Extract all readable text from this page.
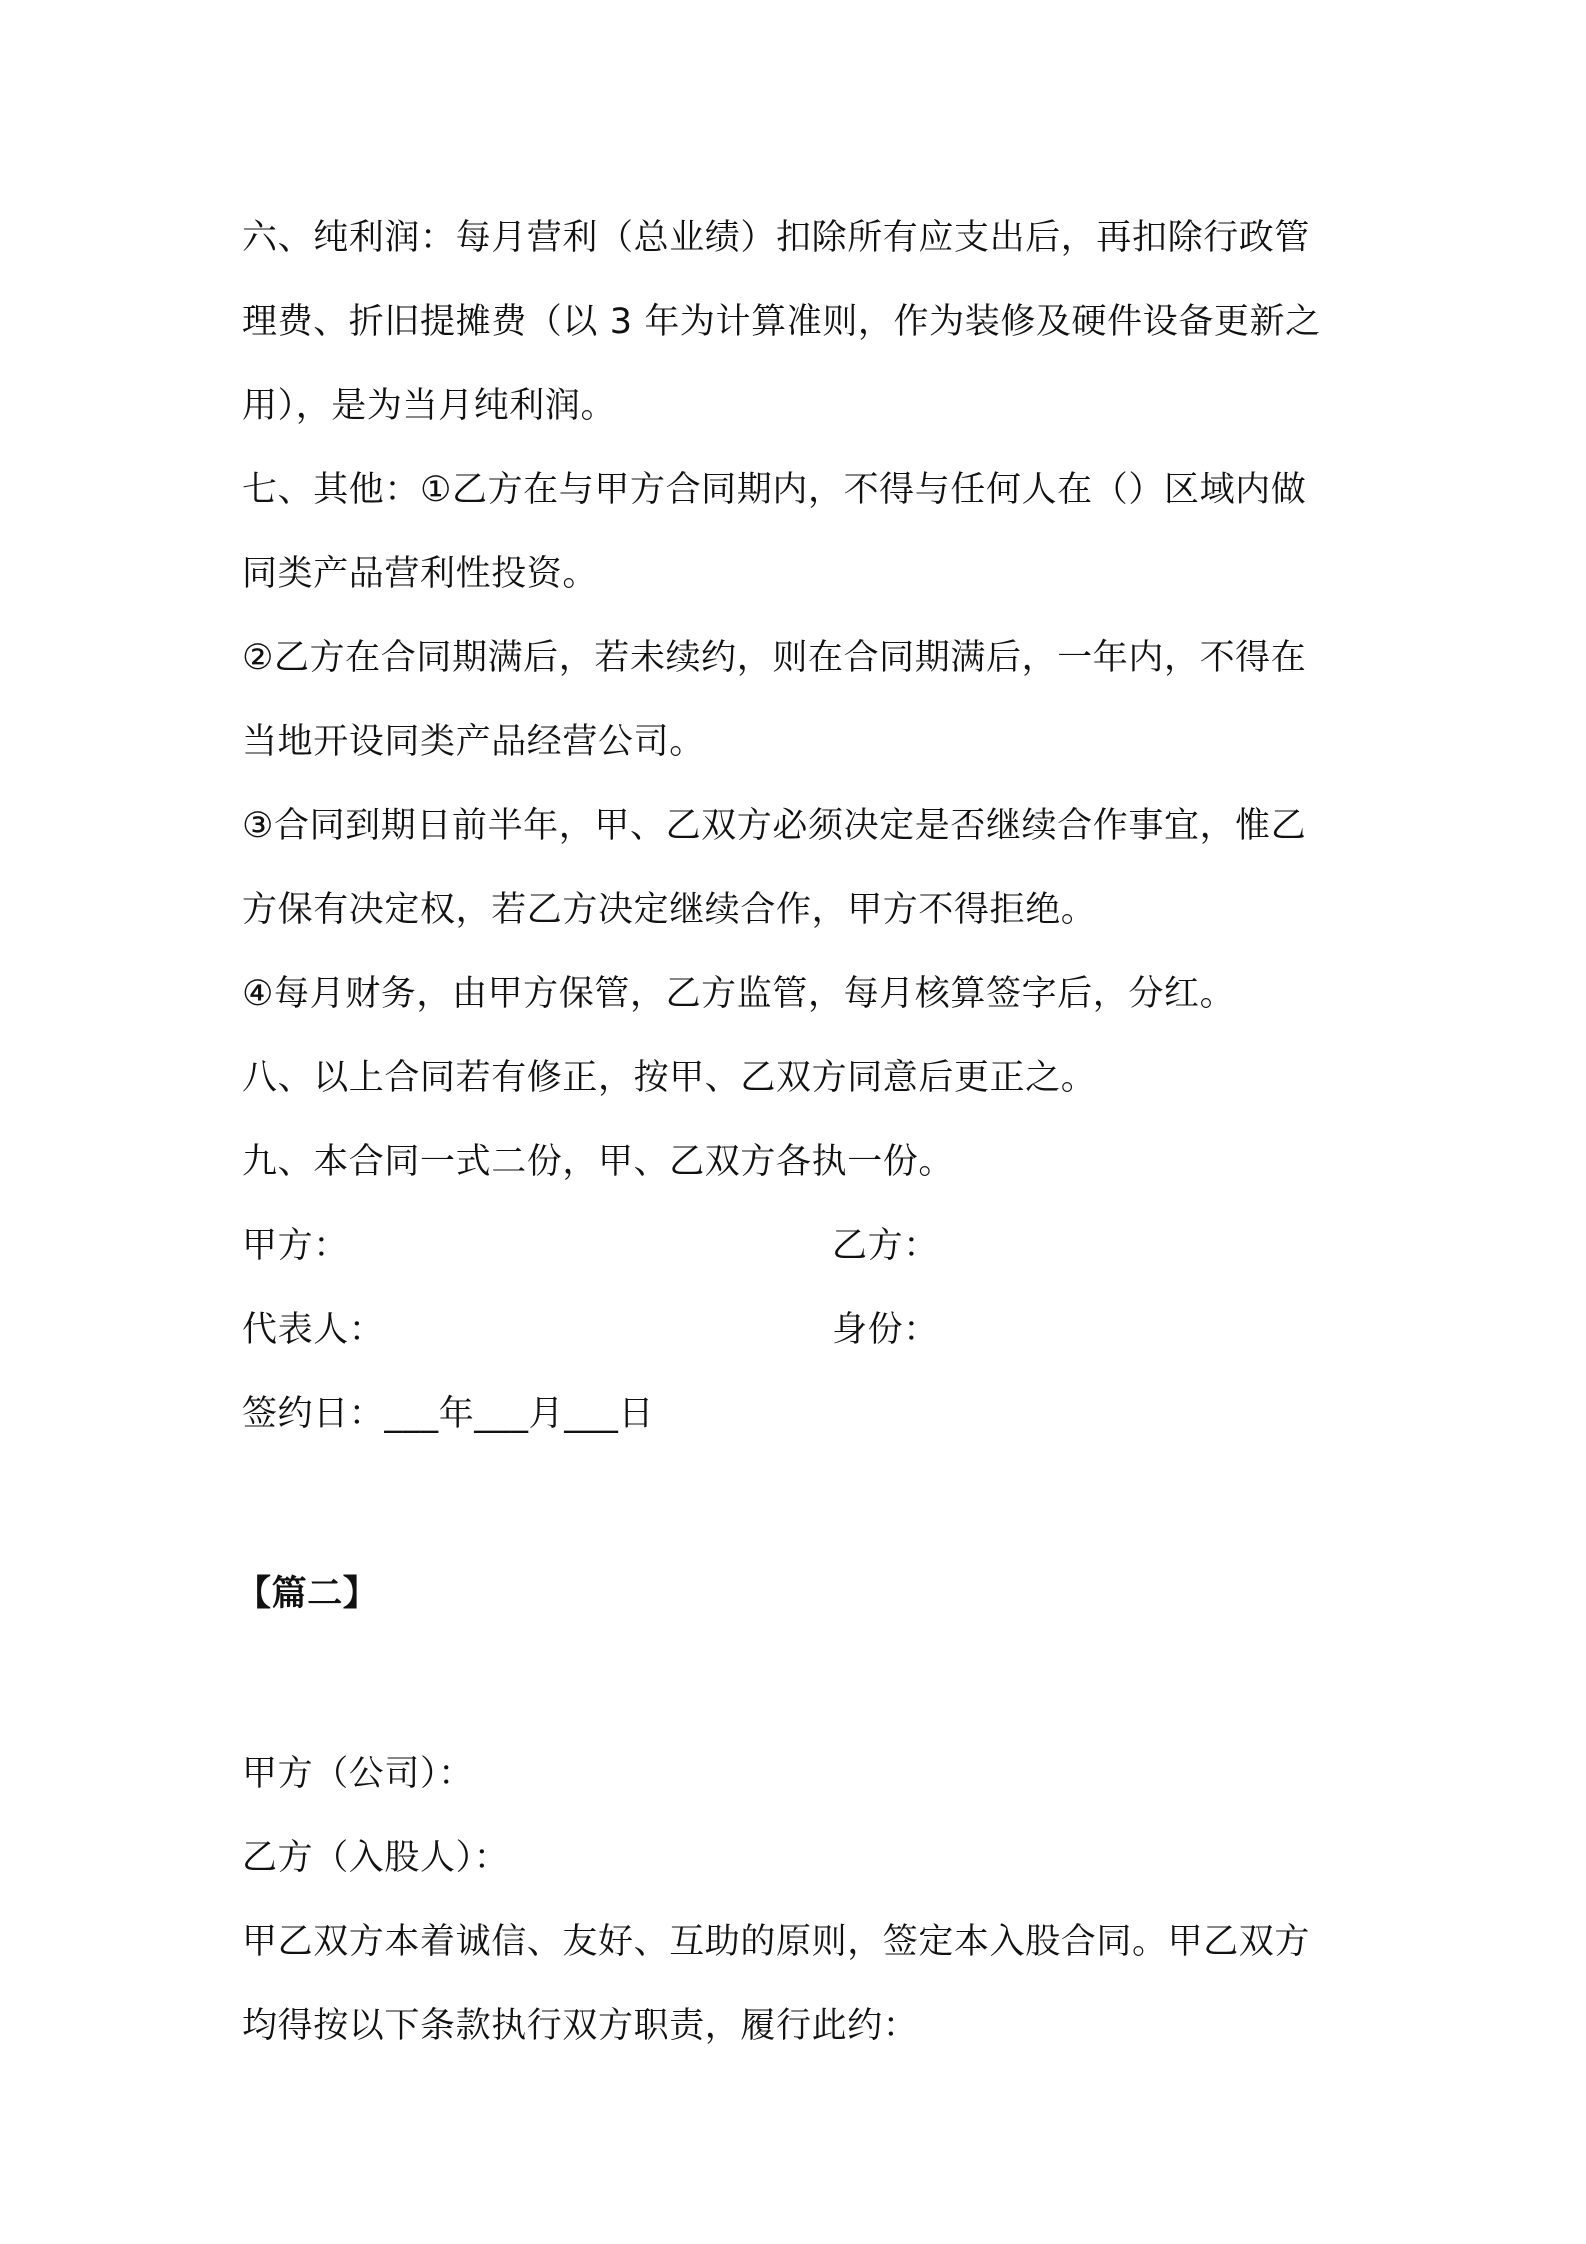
六、纯利润：每月营利（总业绩）扣除所有应支出后，再扣除行政管
理费、折旧提摊费（以 3 年为计算准则，作为装修及硬件设备更新之
用），是为当月纯利润。
七、其他：①乙方在与甲方合同期内，不得与任何人在（）区域内做
同类产品营利性投资。
②乙方在合同期满后，若未续约，则在合同期满后，一年内，不得在
当地开设同类产品经营公司。
③合同到期日前半年，甲、乙双方必须决定是否继续合作事宜，惟乙
方保有决定权，若乙方决定继续合作，甲方不得拒绝。
④每月财务，由甲方保管，乙方监管，每月核算签字后，分红。
八、以上合同若有修正，按甲、乙双方同意后更正之。
九、本合同一式二份，甲、乙双方各执一份。
甲方：	乙方：
代表人：	身份：
签约日：___年___月___日
【篇二】
甲方（公司）：
乙方（入股人）：
甲乙双方本着诚信、友好、互助的原则，签定本入股合同。甲乙双方
均得按以下条款执行双方职责，履行此约：
